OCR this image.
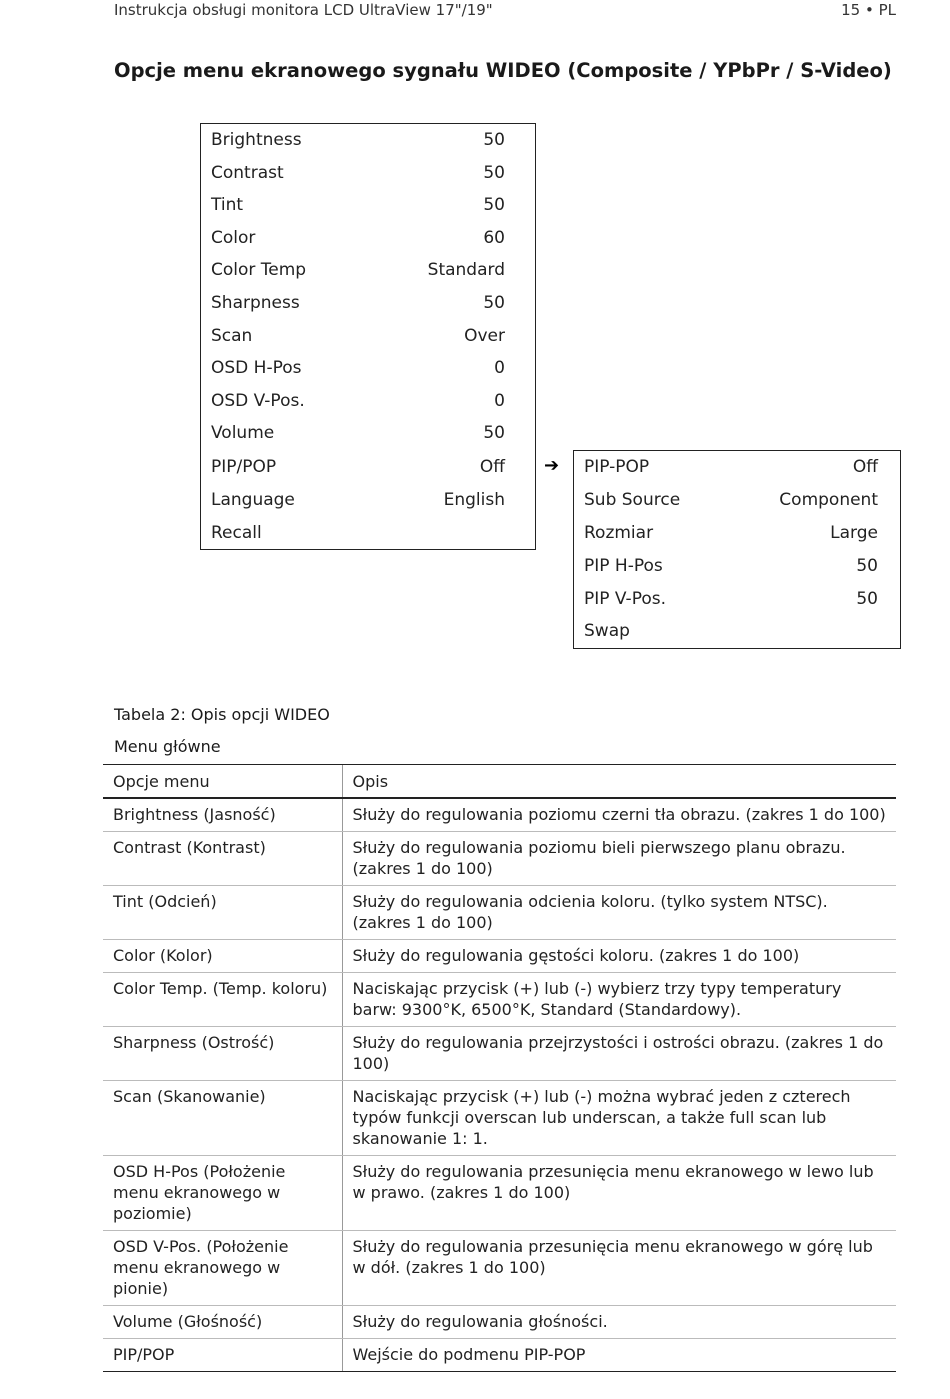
Instrukcja obsługi monitora LCD UltraView 17"/19"	15 • PL
Opcje menu ekranowego sygnału WIDEO (Composite / YPbPr / S-Video)
Brightness	50
Contrast	50
Tint	50
Color	60
Color Temp	Standard
Sharpness	50
Scan	Over
OSD H-Pos	0
OSD V-Pos.	0
Volume	50
PIP/POP	Off
Language	English
Recall
➔ PIP-POP	Off
Sub Source	Component
Rozmiar	Large
PIP H-Pos	50
PIP V-Pos.	50
Swap
Tabela 2: Opis opcji WIDEO
Menu główne
Opcje menu	Opis
Brightness (Jasność)	Służy do regulowania poziomu czerni tła obrazu. (zakres 1 do 100)
Contrast (Kontrast)	Służy do regulowania poziomu bieli pierwszego planu obrazu. (zakres 1 do 100)
Tint (Odcień)	Służy do regulowania odcienia koloru. (tylko system NTSC). (zakres 1 do 100)
Color (Kolor)	Służy do regulowania gęstości koloru. (zakres 1 do 100)
Color Temp. (Temp. koloru)	Naciskając przycisk (+) lub (-) wybierz trzy typy temperatury barw: 9300°K, 6500°K, Standard (Standardowy).
Sharpness (Ostrość)	Służy do regulowania przejrzystości i ostrości obrazu. (zakres 1 do 100)
Scan (Skanowanie)	Naciskając przycisk (+) lub (-) można wybrać jeden z czterech typów funkcji overscan lub underscan, a także full scan lub skanowanie 1: 1.
OSD H-Pos (Położenie menu ekranowego w poziomie)	Służy do regulowania przesunięcia menu ekranowego w lewo lub w prawo. (zakres 1 do 100)
OSD V-Pos. (Położenie menu ekranowego w pionie)	Służy do regulowania przesunięcia menu ekranowego w górę lub w dół. (zakres 1 do 100)
Volume (Głośność)	Służy do regulowania głośności.
PIP/POP	Wejście do podmenu PIP-POP
